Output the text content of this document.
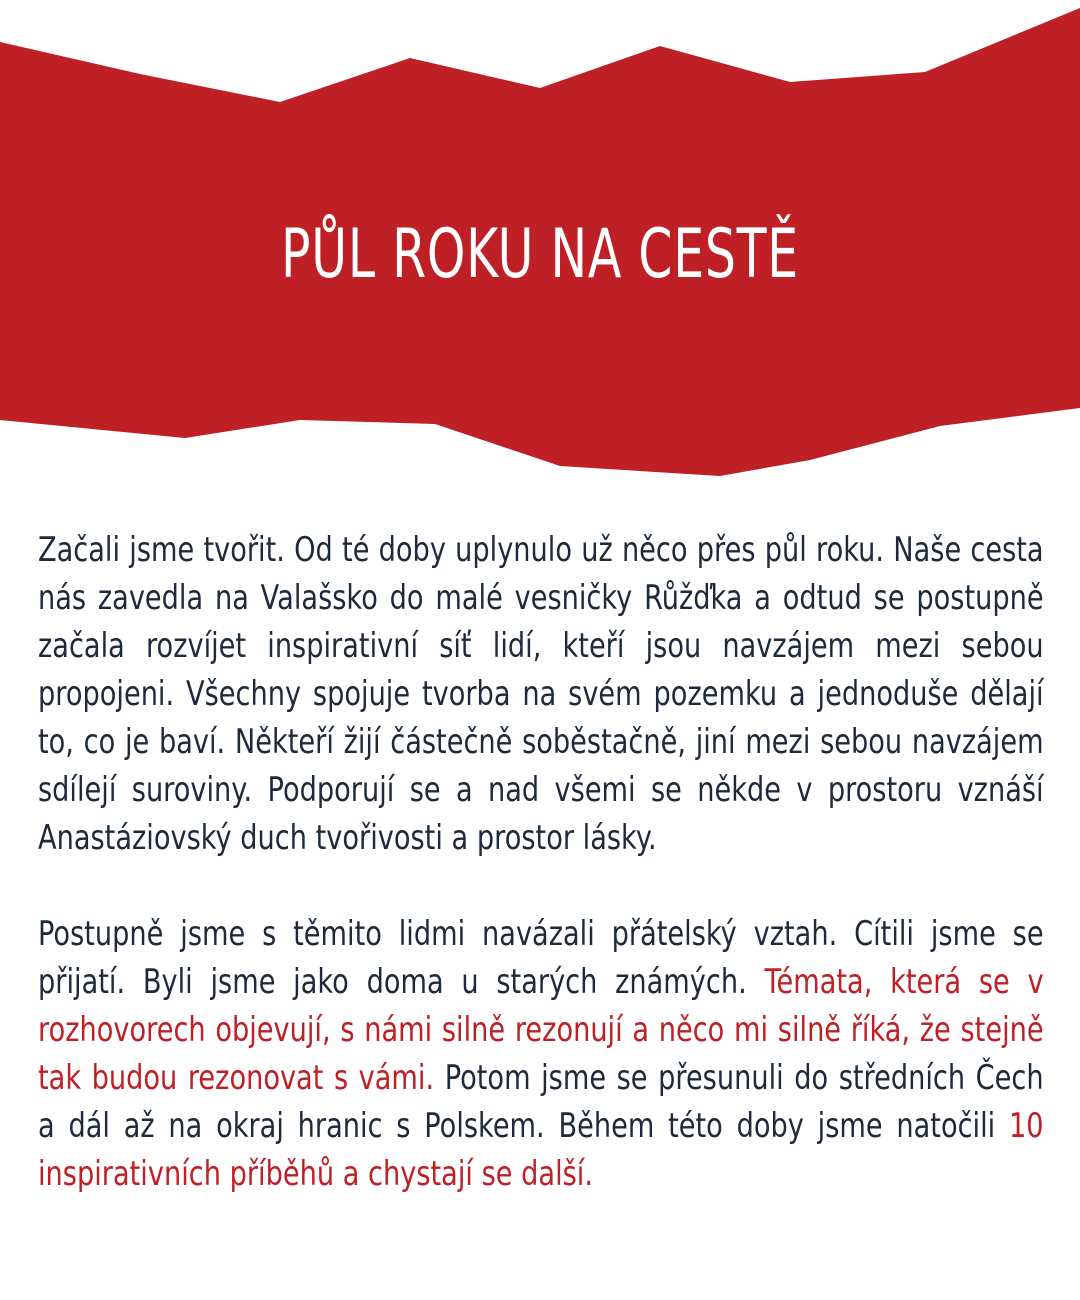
PŮL ROKU NA CESTĚ

Začali jsme tvořit. Od té doby uplynulo už něco přes půl roku. Naše cesta nás zavedla na Valašsko do malé vesničky Růžďka a odtud se postupně začala rozvíjet inspirativní síť lidí, kteří jsou navzájem mezi sebou propojeni. Všechny spojuje tvorba na svém pozemku a jednoduše dělají to, co je baví. Někteří žijí částečně soběstačně, jiní mezi sebou navzájem sdílejí suroviny. Podporují se a nad všemi se někde v prostoru vznáší Anastáziovský duch tvořivosti a prostor lásky.

Postupně jsme s těmito lidmi navázali přátelský vztah. Cítili jsme se přijatí. Byli jsme jako doma u starých známých. Témata, která se v rozhovorech objevují, s námi silně rezonují a něco mi silně říká, že stejně tak budou rezonovat s vámi. Potom jsme se přesunuli do středních Čech a dál až na okraj hranic s Polskem. Během této doby jsme natočili 10 inspirativních příběhů a chystají se další.
